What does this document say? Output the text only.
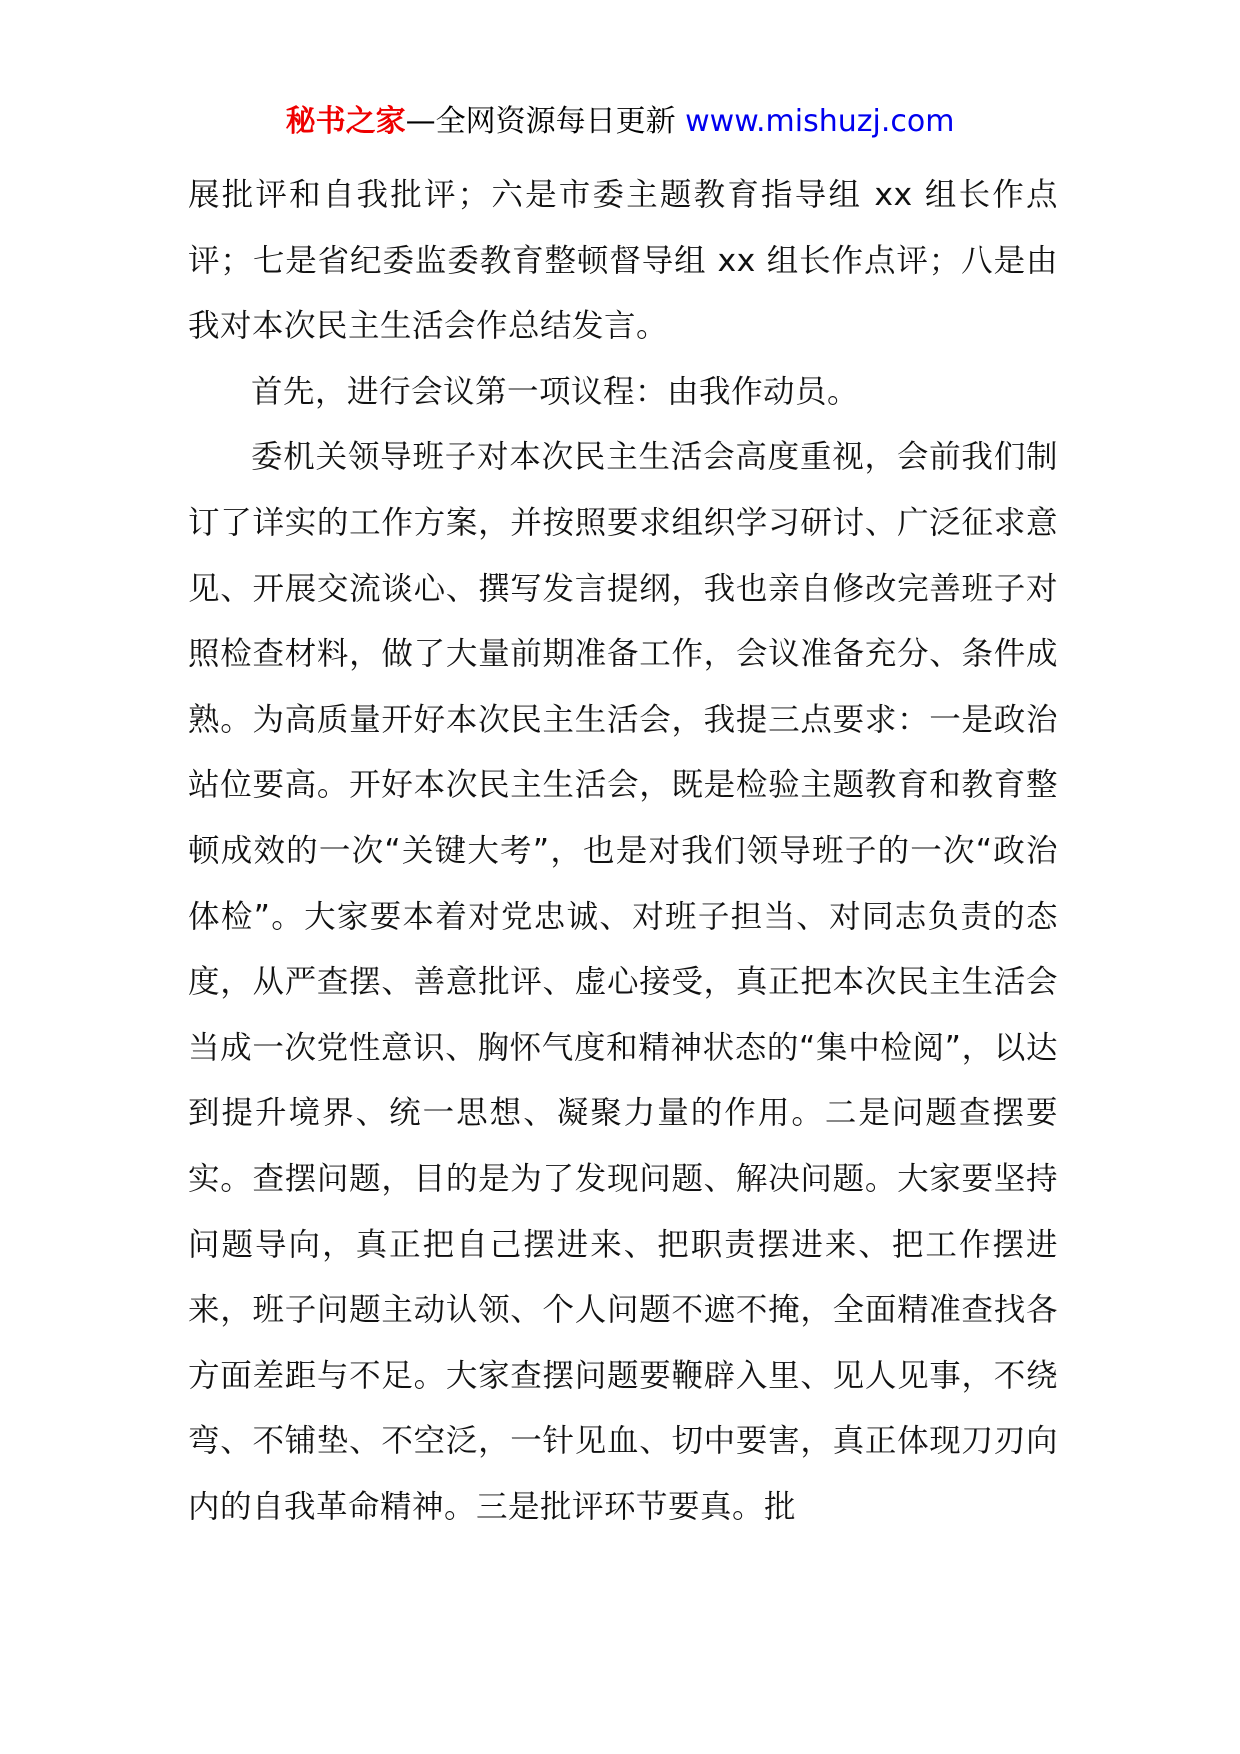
秘书之家—全网资源每日更新 www.mishuzj.com

展批评和自我批评；六是市委主题教育指导组 xx 组长作点评；七是省纪委监委教育整顿督导组 xx 组长作点评；八是由我对本次民主生活会作总结发言。

首先，进行会议第一项议程：由我作动员。

委机关领导班子对本次民主生活会高度重视，会前我们制订了详实的工作方案，并按照要求组织学习研讨、广泛征求意见、开展交流谈心、撰写发言提纲，我也亲自修改完善班子对照检查材料，做了大量前期准备工作，会议准备充分、条件成熟。为高质量开好本次民主生活会，我提三点要求：一是政治站位要高。开好本次民主生活会，既是检验主题教育和教育整顿成效的一次“关键大考”，也是对我们领导班子的一次“政治体检”。大家要本着对党忠诚、对班子担当、对同志负责的态度，从严查摆、善意批评、虚心接受，真正把本次民主生活会当成一次党性意识、胸怀气度和精神状态的“集中检阅”，以达到提升境界、统一思想、凝聚力量的作用。二是问题查摆要实。查摆问题，目的是为了发现问题、解决问题。大家要坚持问题导向，真正把自己摆进来、把职责摆进来、把工作摆进来，班子问题主动认领、个人问题不遮不掩，全面精准查找各方面差距与不足。大家查摆问题要鞭辟入里、见人见事，不绕弯、不铺垫、不空泛，一针见血、切中要害，真正体现刀刃向内的自我革命精神。三是批评环节要真。批
